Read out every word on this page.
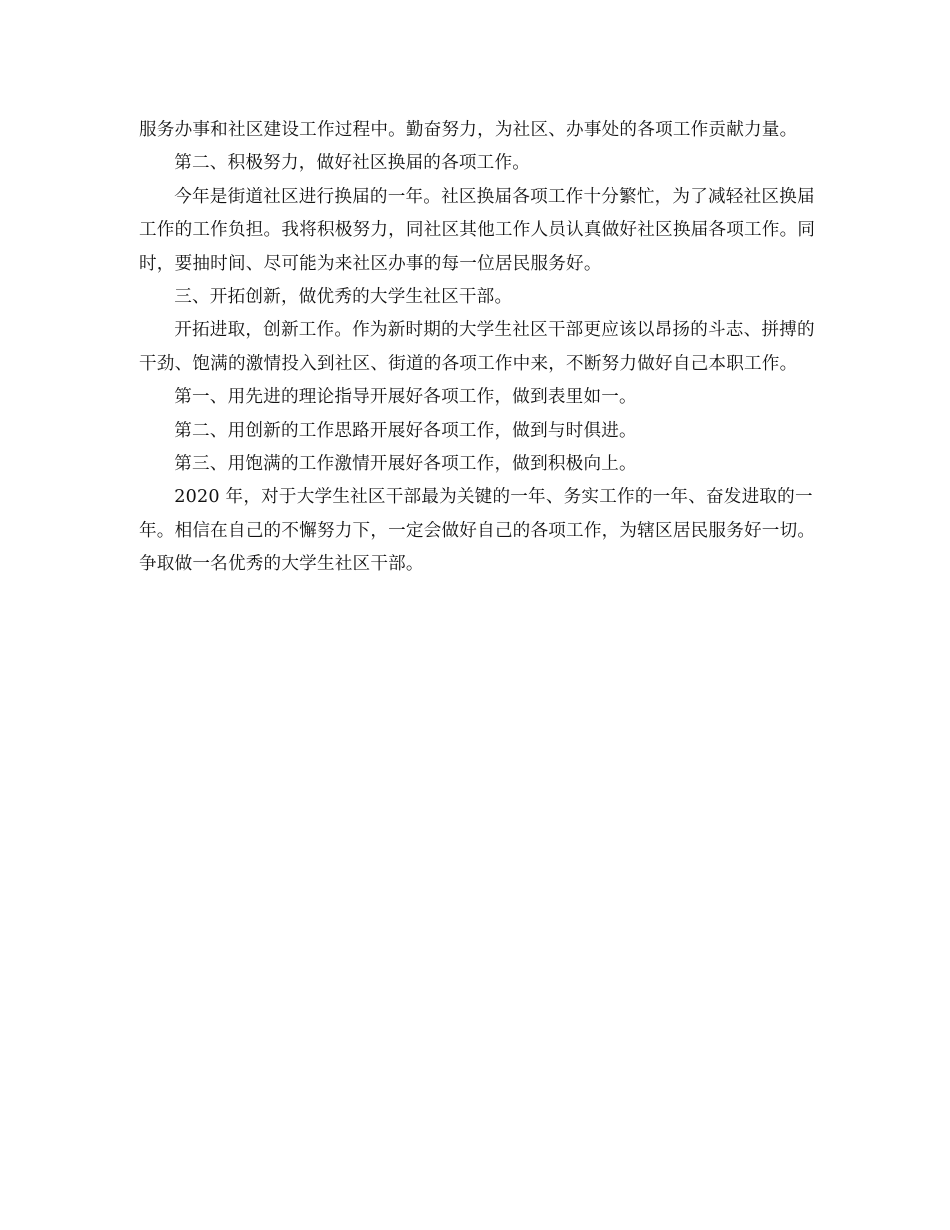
服务办事和社区建设工作过程中。勤奋努力，为社区、办事处的各项工作贡献力量。

第二、积极努力，做好社区换届的各项工作。

今年是街道社区进行换届的一年。社区换届各项工作十分繁忙，为了减轻社区换届工作的工作负担。我将积极努力，同社区其他工作人员认真做好社区换届各项工作。同时，要抽时间、尽可能为来社区办事的每一位居民服务好。

三、开拓创新，做优秀的大学生社区干部。

开拓进取，创新工作。作为新时期的大学生社区干部更应该以昂扬的斗志、拼搏的干劲、饱满的激情投入到社区、街道的各项工作中来，不断努力做好自己本职工作。

第一、用先进的理论指导开展好各项工作，做到表里如一。

第二、用创新的工作思路开展好各项工作，做到与时俱进。

第三、用饱满的工作激情开展好各项工作，做到积极向上。

2020 年，对于大学生社区干部最为关键的一年、务实工作的一年、奋发进取的一年。相信在自己的不懈努力下，一定会做好自己的各项工作，为辖区居民服务好一切。争取做一名优秀的大学生社区干部。
